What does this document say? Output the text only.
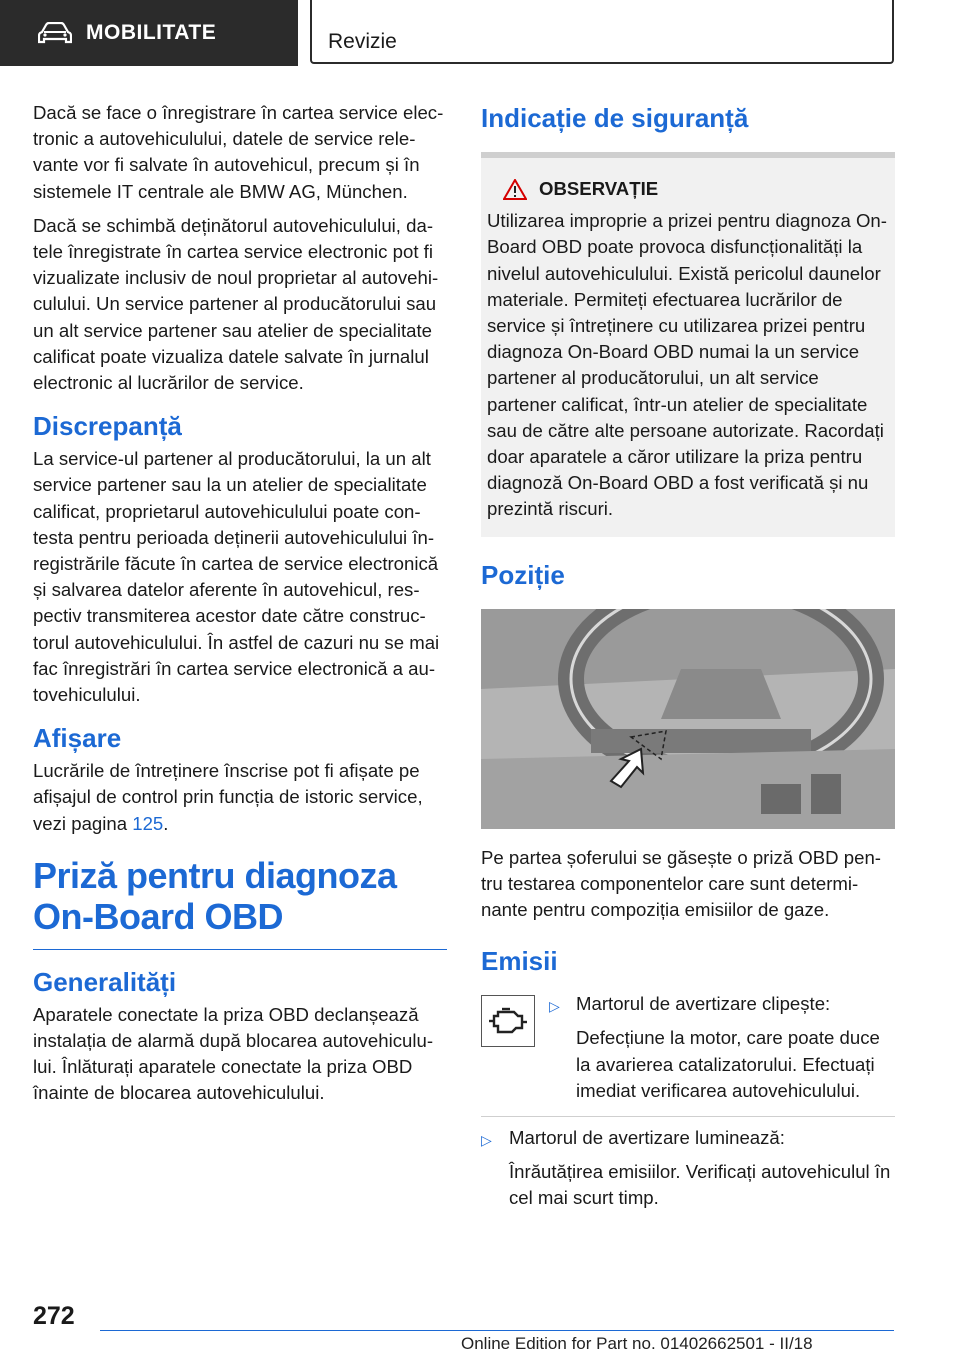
MOBILITATE	Revizie

Dacă se face o înregistrare în cartea service electronic a autovehiculului, datele de service relevante vor fi salvate în autovehicul, precum și în sistemele IT centrale ale BMW AG, München.

Dacă se schimbă deținătorul autovehiculului, datele înregistrate în cartea service electronic pot fi vizualizate inclusiv de noul proprietar al autovehiculului. Un service partener al producătorului sau un alt service partener sau atelier de specialitate calificat poate vizualiza datele salvate în jurnalul electronic al lucrărilor de service.

Discrepanță

La service-ul partener al producătorului, la un alt service partener sau la un atelier de specialitate calificat, proprietarul autovehiculului poate contesta pentru perioada deținerii autovehiculului înregistrările făcute în cartea de service electronică și salvarea datelor aferente în autovehicul, respectiv transmiterea acestor date către constructorul autovehiculului. În astfel de cazuri nu se mai fac înregistrări în cartea service electronică a autovehiculului.

Afișare

Lucrările de întreținere înscrise pot fi afișate pe afișajul de control prin funcția de istoric service, vezi pagina 125.

Priză pentru diagnoza On-Board OBD
Generalități

Aparatele conectate la priza OBD declanșează instalația de alarmă după blocarea autovehiculului. Înlăturați aparatele conectate la priza OBD înainte de blocarea autovehiculului.

Indicație de siguranță
OBSERVAȚIE
Utilizarea improprie a prizei pentru diagnoza On-Board OBD poate provoca disfuncționalități la nivelul autovehiculului. Există pericolul daunelor materiale. Permiteți efectuarea lucrărilor de service și întreținere cu utilizarea prizei pentru diagnoza On-Board OBD numai la un service partener al producătorului, un alt service partener calificat, într-un atelier de specialitate sau de către alte persoane autorizate. Racordați doar aparatele a căror utilizare la priza pentru diagnoză On-Board OBD a fost verificată și nu prezintă riscuri.
Poziție

Pe partea șoferului se găsește o priză OBD pentru testarea componentelor care sunt determinante pentru compoziția emisiilor de gaze.

Emisii
▷ Martorul de avertizare clipește:
Defecțiune la motor, care poate duce la avarierea catalizatorului. Efectuați imediat verificarea autovehiculului.
▷ Martorul de avertizare luminează:
Înrăutățirea emisiilor. Verificați autovehiculul în cel mai scurt timp.
272
Online Edition for Part no. 01402662501 - II/18
